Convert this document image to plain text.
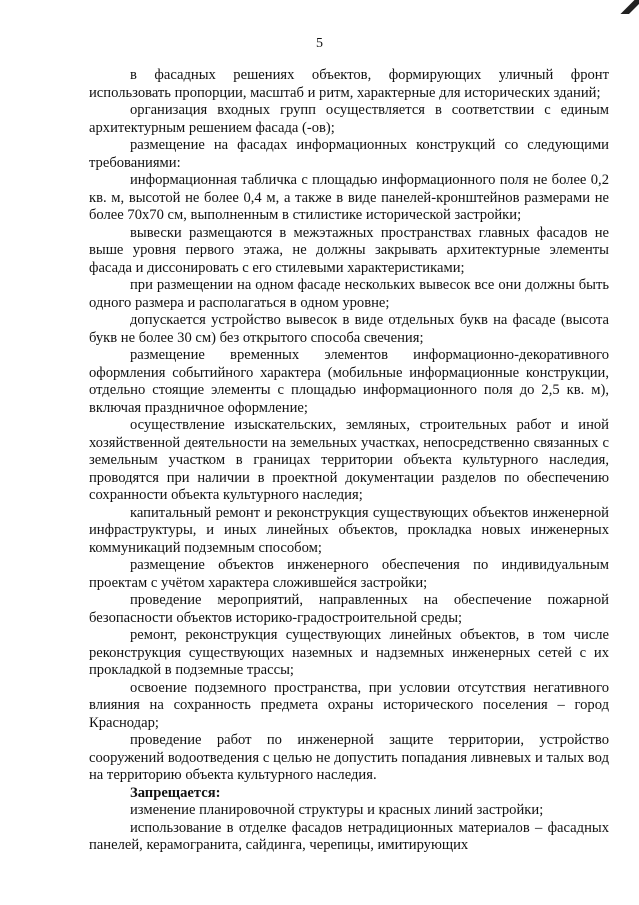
5

в фасадных решениях объектов, формирующих уличный фронт использовать пропорции, масштаб и ритм, характерные для исторических зданий;

организация входных групп осуществляется в соответствии с единым архитектурным решением фасада (-ов);

размещение на фасадах информационных конструкций со следующими требованиями:

информационная табличка с площадью информационного поля не более 0,2 кв. м, высотой не более 0,4 м, а также в виде панелей-кронштейнов размерами не более 70х70 см, выполненным в стилистике исторической застройки;

вывески размещаются в межэтажных пространствах главных фасадов не выше уровня первого этажа, не должны закрывать архитектурные элементы фасада и диссонировать с его стилевыми характеристиками;

при размещении на одном фасаде нескольких вывесок все они должны быть одного размера и располагаться в одном уровне;

допускается устройство вывесок в виде отдельных букв на фасаде (высота букв не более 30 см) без открытого способа свечения;

размещение временных элементов информационно-декоративного оформления событийного характера (мобильные информационные конструкции, отдельно стоящие элементы с площадью информационного поля до 2,5 кв. м), включая праздничное оформление;

осуществление изыскательских, земляных, строительных работ и иной хозяйственной деятельности на земельных участках, непосредственно связанных с земельным участком в границах территории объекта культурного наследия, проводятся при наличии в проектной документации разделов по обеспечению сохранности объекта культурного наследия;

капитальный ремонт и реконструкция существующих объектов инженерной инфраструктуры, и иных линейных объектов, прокладка новых инженерных коммуникаций подземным способом;

размещение объектов инженерного обеспечения по индивидуальным проектам с учётом характера сложившейся застройки;

проведение мероприятий, направленных на обеспечение пожарной безопасности объектов историко-градостроительной среды;

ремонт, реконструкция существующих линейных объектов, в том числе реконструкция существующих наземных и надземных инженерных сетей с их прокладкой в подземные трассы;

освоение подземного пространства, при условии отсутствия негативного влияния на сохранность предмета охраны исторического поселения – город Краснодар;

проведение работ по инженерной защите территории, устройство сооружений водоотведения с целью не допустить попадания ливневых и талых вод на территорию объекта культурного наследия.

Запрещается:

изменение планировочной структуры и красных линий застройки;

использование в отделке фасадов нетрадиционных материалов – фасадных панелей, керамогранита, сайдинга, черепицы, имитирующих
